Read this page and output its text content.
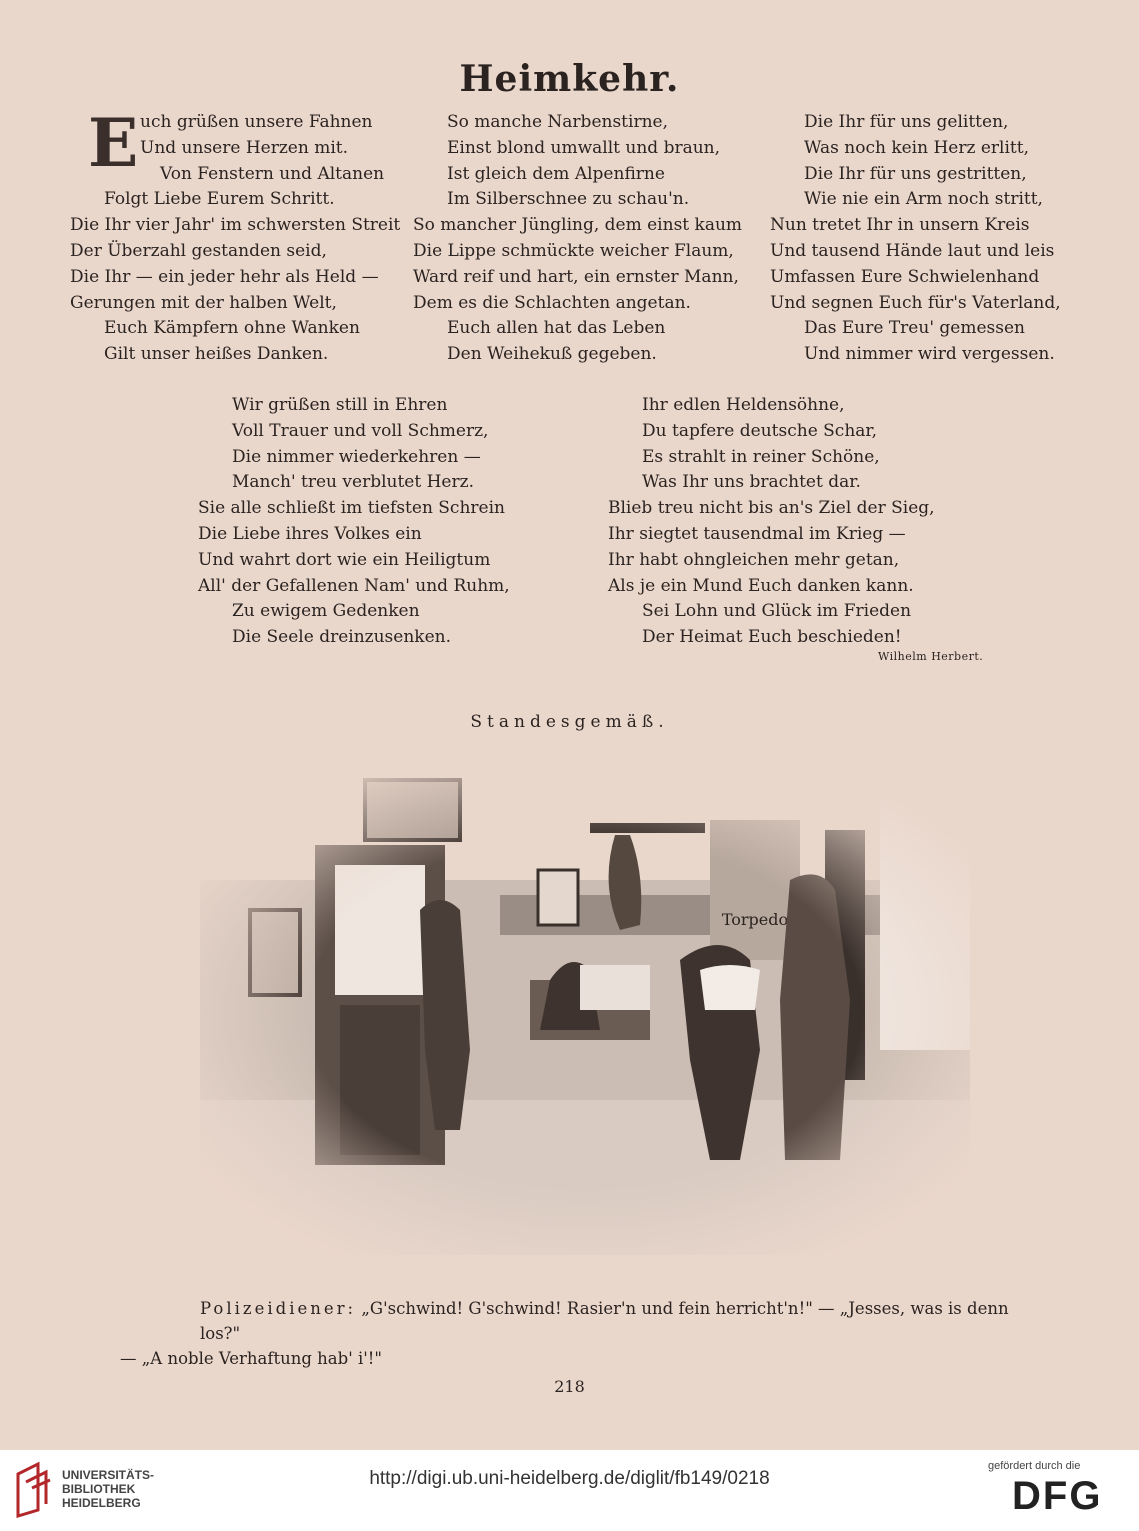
Heimkehr.
E uch grüßen unsere Fahnen
Und unsere Herzen mit.
Von Fenstern und Altanen
Folgt Liebe Eurem Schritt.
Die Ihr vier Jahr' im schwersten Streit
Der Überzahl gestanden seid,
Die Ihr — ein jeder hehr als Held —
Gerungen mit der halben Welt,
Euch Kämpfern ohne Wanken
Gilt unser heißes Danken.
So manche Narbenstirne,
Einst blond umwallt und braun,
Ist gleich dem Alpenfirne
Im Silberschnee zu schau'n.
So mancher Jüngling, dem einst kaum
Die Lippe schmückte weicher Flaum,
Ward reif und hart, ein ernster Mann,
Dem es die Schlachten angetan.
Euch allen hat das Leben
Den Weihekuß gegeben.
Die Ihr für uns gelitten,
Was noch kein Herz erlitt,
Die Ihr für uns gestritten,
Wie nie ein Arm noch stritt,
Nun tretet Ihr in unsern Kreis
Und tausend Hände laut und leis
Umfassen Eure Schwielenhand
Und segnen Euch für's Vaterland,
Das Eure Treu' gemessen
Und nimmer wird vergessen.
Wir grüßen still in Ehren
Voll Trauer und voll Schmerz,
Die nimmer wiederkehren —
Manch' treu verblutet Herz.
Sie alle schließt im tiefsten Schrein
Die Liebe ihres Volkes ein
Und wahrt dort wie ein Heiligtum
All' der Gefallenen Nam' und Ruhm,
Zu ewigem Gedenken
Die Seele dreinzusenken.
Ihr edlen Heldensöhne,
Du tapfere deutsche Schar,
Es strahlt in reiner Schöne,
Was Ihr uns brachtet dar.
Blieb treu nicht bis an's Ziel der Sieg,
Ihr siegtet tausendmal im Krieg —
Ihr habt ohngleichen mehr getan,
Als je ein Mund Euch danken kann.
Sei Lohn und Glück im Frieden
Der Heimat Euch beschieden!
Wilhelm Herbert.
Standesgemäß.
Polizeidiener: „G'schwind! G'schwind! Rasier'n und fein herricht'n!" — „Jesses, was is denn los?"
— „A noble Verhaftung hab' i'!"
218
UNIVERSITÄTS-
BIBLIOTHEK
HEIDELBERG
http://digi.ub.uni-heidelberg.de/diglit/fb149/0218
gefördert durch die
DFG
